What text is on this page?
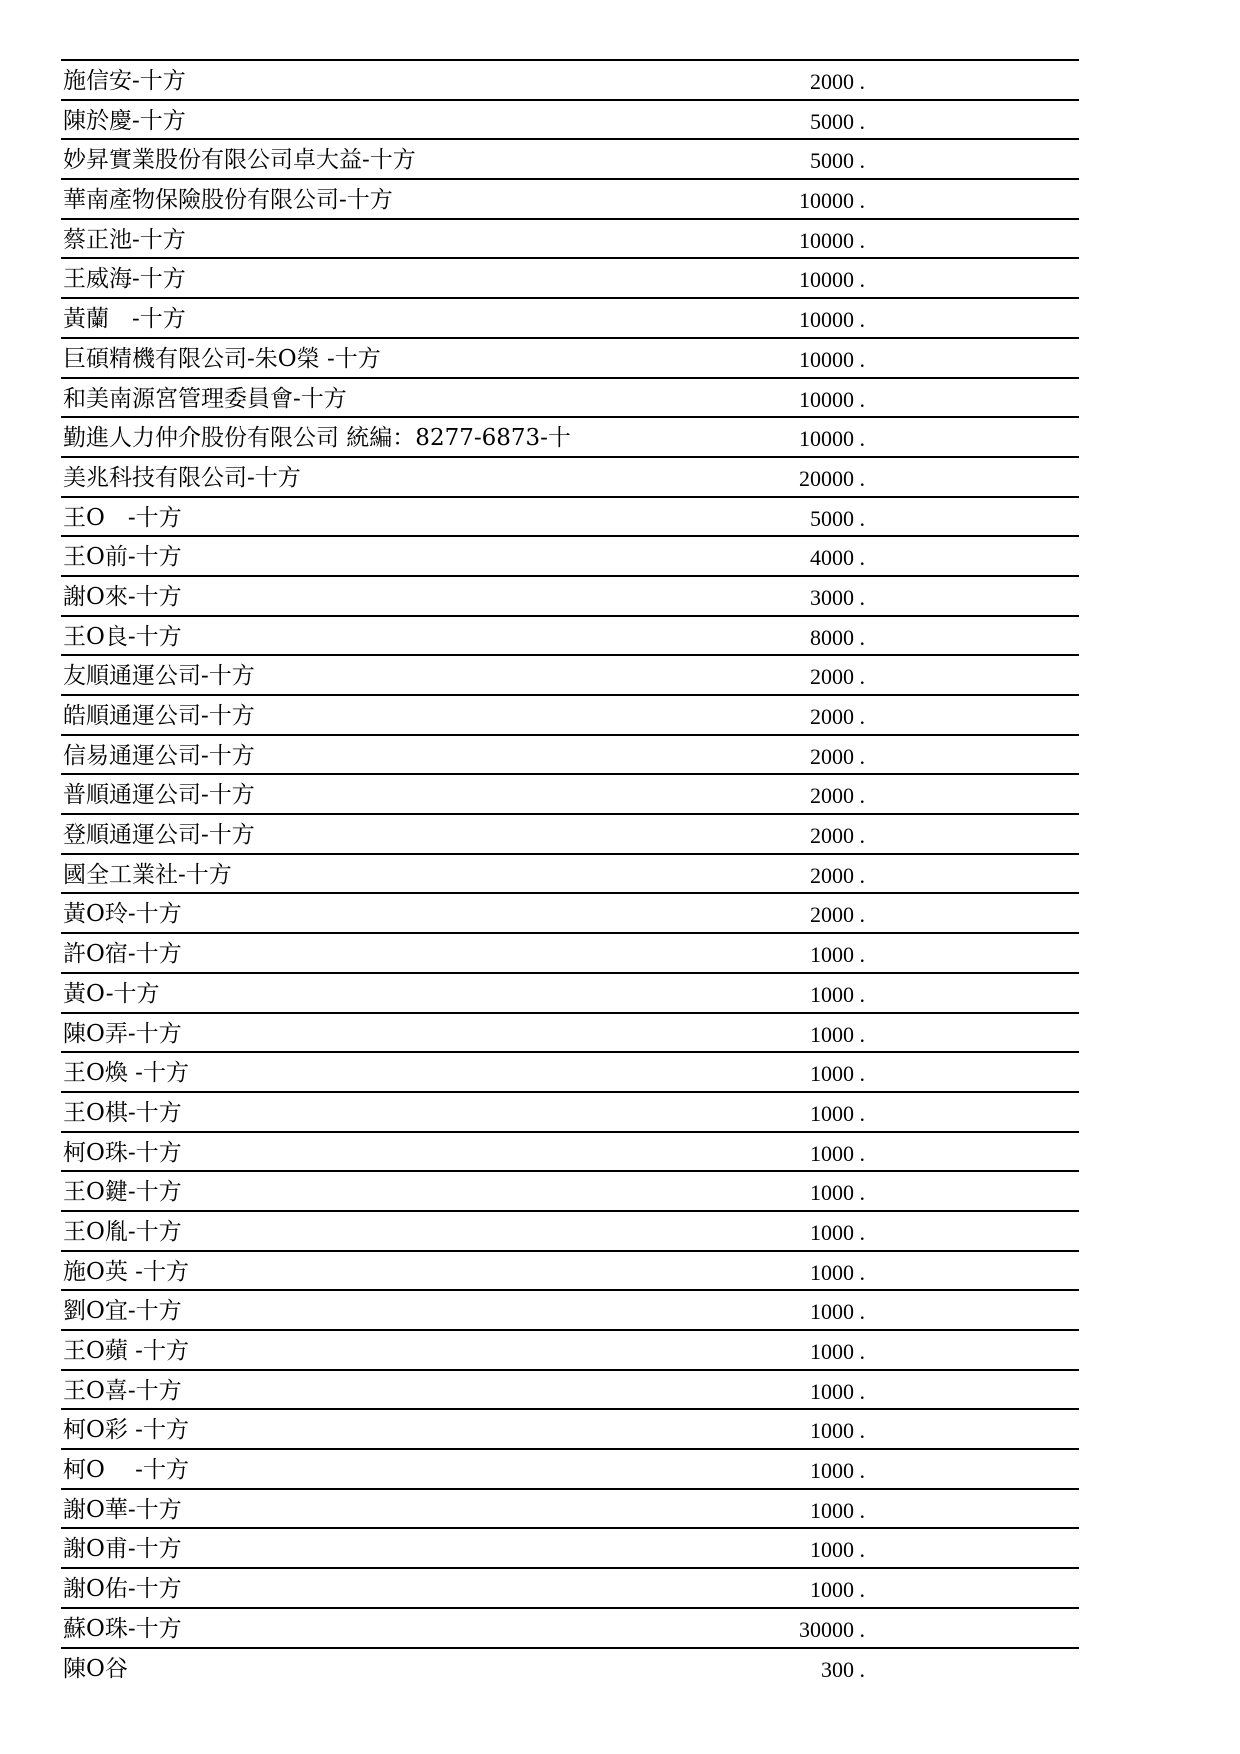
施信安-十方	2000 .
陳於慶-十方	5000 .
妙昇實業股份有限公司卓大益-十方	5000 .
華南產物保險股份有限公司-十方	10000 .
蔡正池-十方	10000 .
王威海-十方	10000 .
黃蘭　-十方	10000 .
巨碩精機有限公司-朱O榮 -十方	10000 .
和美南源宮管理委員會-十方	10000 .
勤進人力仲介股份有限公司 統編：8277-6873-十	10000 .
美兆科技有限公司-十方	20000 .
王O　-十方	5000 .
王O前-十方	4000 .
謝O來-十方	3000 .
王O良-十方	8000 .
友順通運公司-十方	2000 .
皓順通運公司-十方	2000 .
信易通運公司-十方	2000 .
普順通運公司-十方	2000 .
登順通運公司-十方	2000 .
國全工業社-十方	2000 .
黃O玲-十方	2000 .
許O宿-十方	1000 .
黃O-十方	1000 .
陳O弄-十方	1000 .
王O煥 -十方	1000 .
王O棋-十方	1000 .
柯O珠-十方	1000 .
王O鍵-十方	1000 .
王O胤-十方	1000 .
施O英 -十方	1000 .
劉O宜-十方	1000 .
王O蘋 -十方	1000 .
王O喜-十方	1000 .
柯O彩 -十方	1000 .
柯O　 -十方	1000 .
謝O華-十方	1000 .
謝O甫-十方	1000 .
謝O佑-十方	1000 .
蘇O珠-十方	30000 .
陳O谷	300 .
